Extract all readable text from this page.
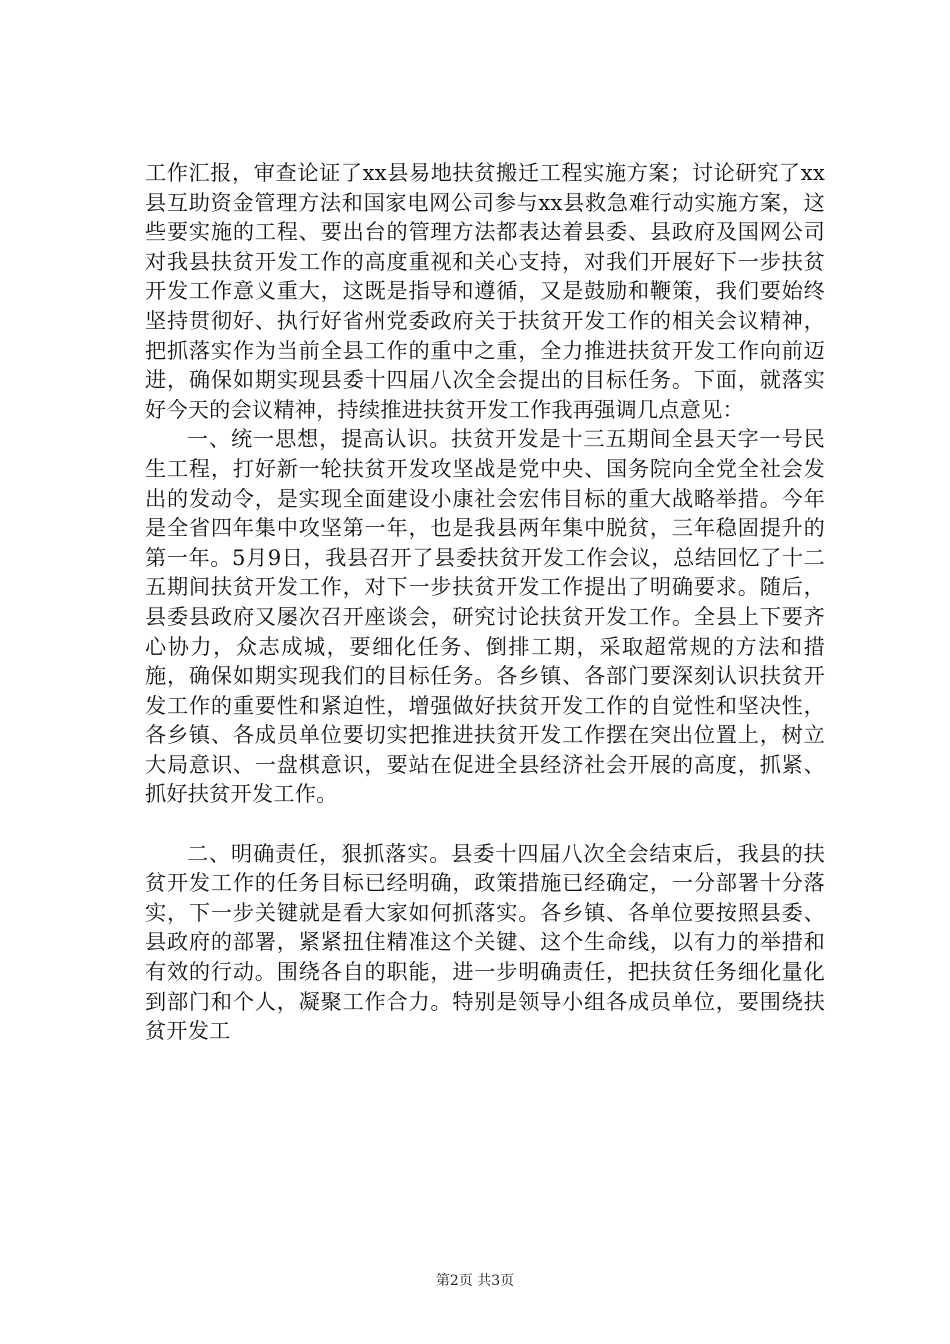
工作汇报，审查论证了xx县易地扶贫搬迁工程实施方案；讨论研究了xx县互助资金管理方法和国家电网公司参与xx县救急难行动实施方案，这些要实施的工程、要出台的管理方法都表达着县委、县政府及国网公司对我县扶贫开发工作的高度重视和关心支持，对我们开展好下一步扶贫开发工作意义重大，这既是指导和遵循，又是鼓励和鞭策，我们要始终坚持贯彻好、执行好省州党委政府关于扶贫开发工作的相关会议精神，把抓落实作为当前全县工作的重中之重，全力推进扶贫开发工作向前迈进，确保如期实现县委十四届八次全会提出的目标任务。下面，就落实好今天的会议精神，持续推进扶贫开发工作我再强调几点意见：

一、统一思想，提高认识。扶贫开发是十三五期间全县天字一号民生工程，打好新一轮扶贫开发攻坚战是党中央、国务院向全党全社会发出的发动令，是实现全面建设小康社会宏伟目标的重大战略举措。今年是全省四年集中攻坚第一年，也是我县两年集中脱贫，三年稳固提升的第一年。5月9日，我县召开了县委扶贫开发工作会议，总结回忆了十二五期间扶贫开发工作，对下一步扶贫开发工作提出了明确要求。随后，县委县政府又屡次召开座谈会，研究讨论扶贫开发工作。全县上下要齐心协力，众志成城，要细化任务、倒排工期，采取超常规的方法和措施，确保如期实现我们的目标任务。各乡镇、各部门要深刻认识扶贫开发工作的重要性和紧迫性，增强做好扶贫开发工作的自觉性和坚决性，各乡镇、各成员单位要切实把推进扶贫开发工作摆在突出位置上，树立大局意识、一盘棋意识，要站在促进全县经济社会开展的高度，抓紧、抓好扶贫开发工作。

二、明确责任，狠抓落实。县委十四届八次全会结束后，我县的扶贫开发工作的任务目标已经明确，政策措施已经确定，一分部署十分落实，下一步关键就是看大家如何抓落实。各乡镇、各单位要按照县委、县政府的部署，紧紧扭住精准这个关键、这个生命线，以有力的举措和有效的行动。围绕各自的职能，进一步明确责任，把扶贫任务细化量化到部门和个人，凝聚工作合力。特别是领导小组各成员单位，要围绕扶贫开发工

第2页 共3页
